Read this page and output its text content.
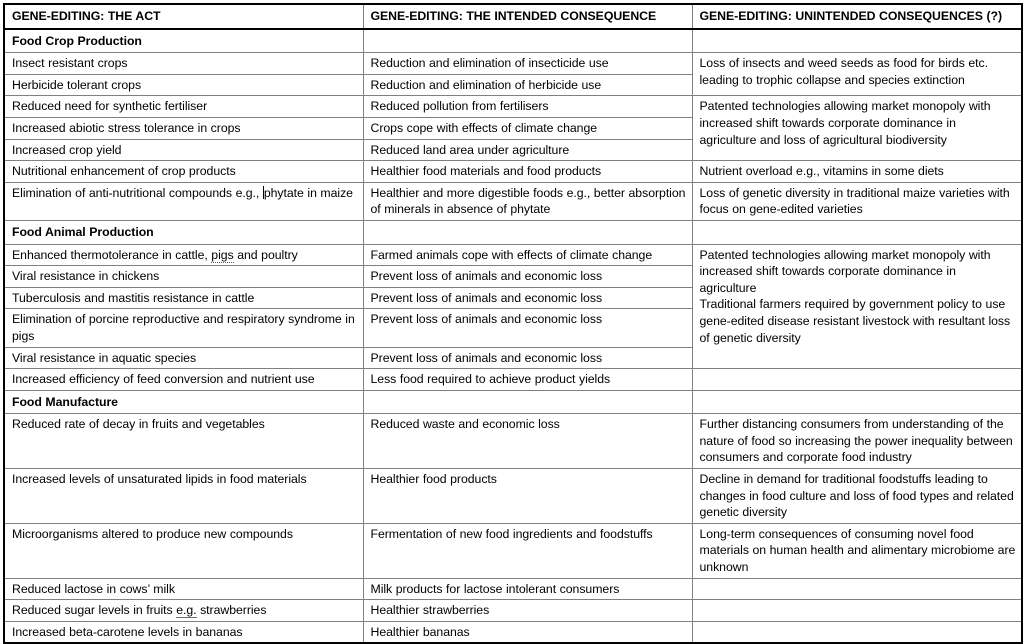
GENE-EDITING: THE ACT	GENE-EDITING: THE INTENDED CONSEQUENCE	GENE-EDITING: UNINTENDED CONSEQUENCES (?)
Food Crop Production		
Insect resistant crops	Reduction and elimination of insecticide use	Loss of insects and weed seeds as food for birds etc. leading to trophic collapse and species extinction
Herbicide tolerant crops	Reduction and elimination of herbicide use	
Reduced need for synthetic fertiliser	Reduced pollution from fertilisers	Patented technologies allowing market monopoly with increased shift towards corporate dominance in agriculture and loss of agricultural biodiversity
Increased abiotic stress tolerance in crops	Crops cope with effects of climate change	
Increased crop yield	Reduced land area under agriculture	
Nutritional enhancement of crop products	Healthier food materials and food products	Nutrient overload e.g., vitamins in some diets
Elimination of anti-nutritional compounds e.g., phytate in maize	Healthier and more digestible foods e.g., better absorption of minerals in absence of phytate	Loss of genetic diversity in traditional maize varieties with focus on gene-edited varieties
Food Animal Production		
Enhanced thermotolerance in cattle, pigs and poultry	Farmed animals cope with effects of climate change	Patented technologies allowing market monopoly with increased shift towards corporate dominance in agriculture
Traditional farmers required by government policy to use gene-edited disease resistant livestock with resultant loss of genetic diversity

Viral resistance in chickens	Prevent loss of animals and economic loss	
Tuberculosis and mastitis resistance in cattle	Prevent loss of animals and economic loss	
Elimination of porcine reproductive and respiratory syndrome in pigs	Prevent loss of animals and economic loss	
Viral resistance in aquatic species	Prevent loss of animals and economic loss	
Increased efficiency of feed conversion and nutrient use	Less food required to achieve product yields	
Food Manufacture		
Reduced rate of decay in fruits and vegetables	Reduced waste and economic loss	Further distancing consumers from understanding of the nature of food so increasing the power inequality between consumers and corporate food industry
Increased levels of unsaturated lipids in food materials	Healthier food products	Decline in demand for traditional foodstuffs leading to changes in food culture and loss of food types and related genetic diversity
Microorganisms altered to produce new compounds	Fermentation of new food ingredients and foodstuffs	Long-term consequences of consuming novel food materials on human health and alimentary microbiome are unknown
Reduced lactose in cows’ milk	Milk products for lactose intolerant consumers	
Reduced sugar levels in fruits e.g. strawberries	Healthier strawberries	
Increased beta-carotene levels in bananas	Healthier bananas	
